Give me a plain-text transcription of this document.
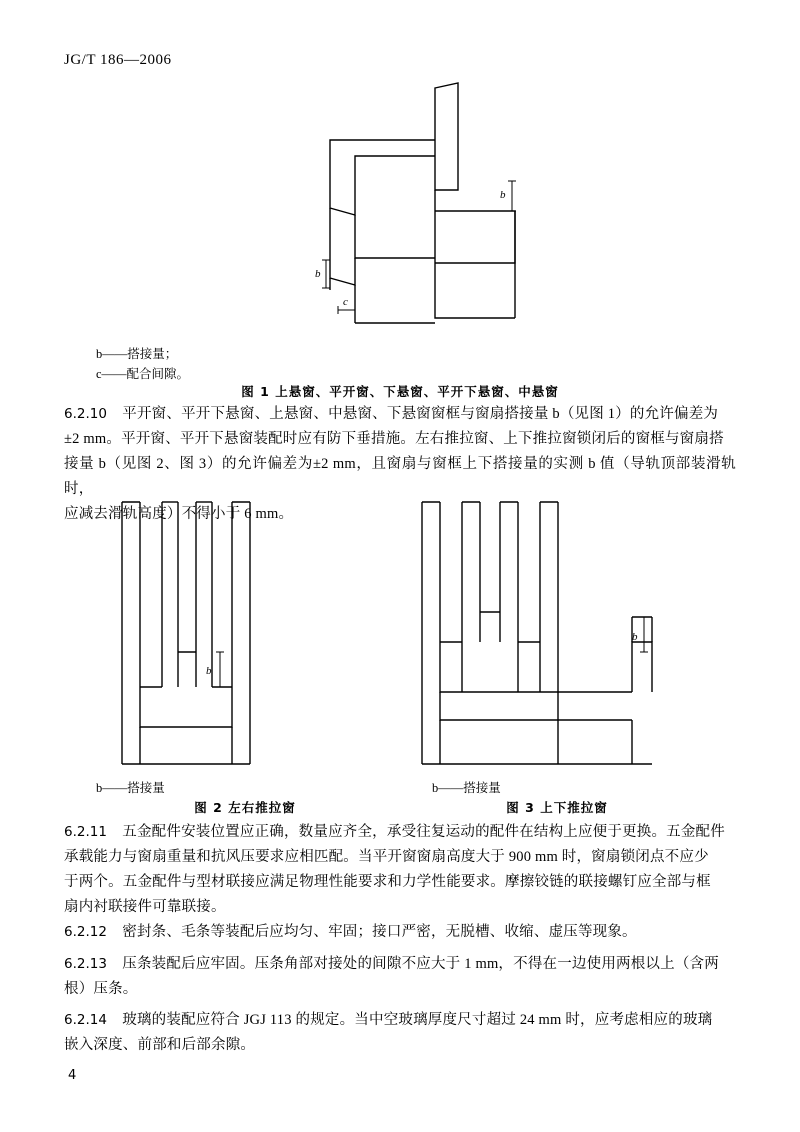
JG/T 186—2006
b
b
c
b——搭接量；
c——配合间隙。
图 1 上悬窗、平开窗、下悬窗、平开下悬窗、中悬窗
6.2.10 平开窗、平开下悬窗、上悬窗、中悬窗、下悬窗窗框与窗扇搭接量 b（见图 1）的允许偏差为
±2 mm。平开窗、平开下悬窗装配时应有防下垂措施。左右推拉窗、上下推拉窗锁闭后的窗框与窗扇搭
接量 b（见图 2、图 3）的允许偏差为±2 mm，且窗扇与窗框上下搭接量的实测 b 值（导轨顶部装滑轨时，
应减去滑轨高度）不得小于 6 mm。
b
b
b——搭接量	b——搭接量
图 2 左右推拉窗	图 3 上下推拉窗
6.2.11 五金配件安装位置应正确，数量应齐全，承受往复运动的配件在结构上应便于更换。五金配件
承载能力与窗扇重量和抗风压要求应相匹配。当平开窗窗扇高度大于 900 mm 时，窗扇锁闭点不应少
于两个。五金配件与型材联接应满足物理性能要求和力学性能要求。摩擦铰链的联接螺钉应全部与框
扇内衬联接件可靠联接。
6.2.12 密封条、毛条等装配后应均匀、牢固；接口严密，无脱槽、收缩、虚压等现象。
6.2.13 压条装配后应牢固。压条角部对接处的间隙不应大于 1 mm，不得在一边使用两根以上（含两
根）压条。
6.2.14 玻璃的装配应符合 JGJ 113 的规定。当中空玻璃厚度尺寸超过 24 mm 时，应考虑相应的玻璃
嵌入深度、前部和后部余隙。
4
